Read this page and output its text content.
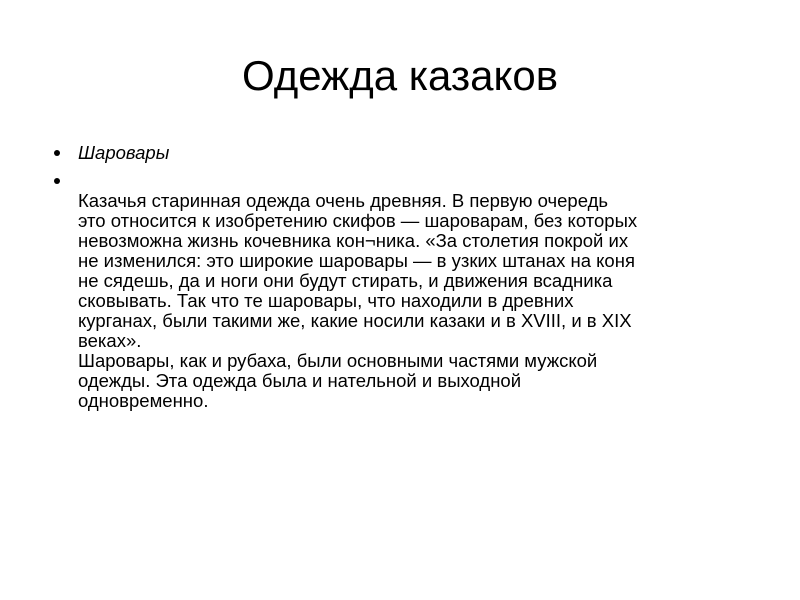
Одежда казаков
Шаровары

Казачья старинная одежда очень древняя. В первую очередь
это относится к изобретению скифов — шароварам, без которых
невозможна жизнь кочевника кон¬ника. «За столетия покрой их
не изменился: это широкие шаровары — в узких штанах на коня
не сядешь, да и ноги они будут стирать, и движения всадника
сковывать. Так что те шаровары, что находили в древних
курганах, были такими же, какие носили казаки и в XVIII, и в XIX
веках».

Шаровары, как и рубаха, были основными частями мужской
одежды. Эта одежда была и нательной и выходной
одновременно.
